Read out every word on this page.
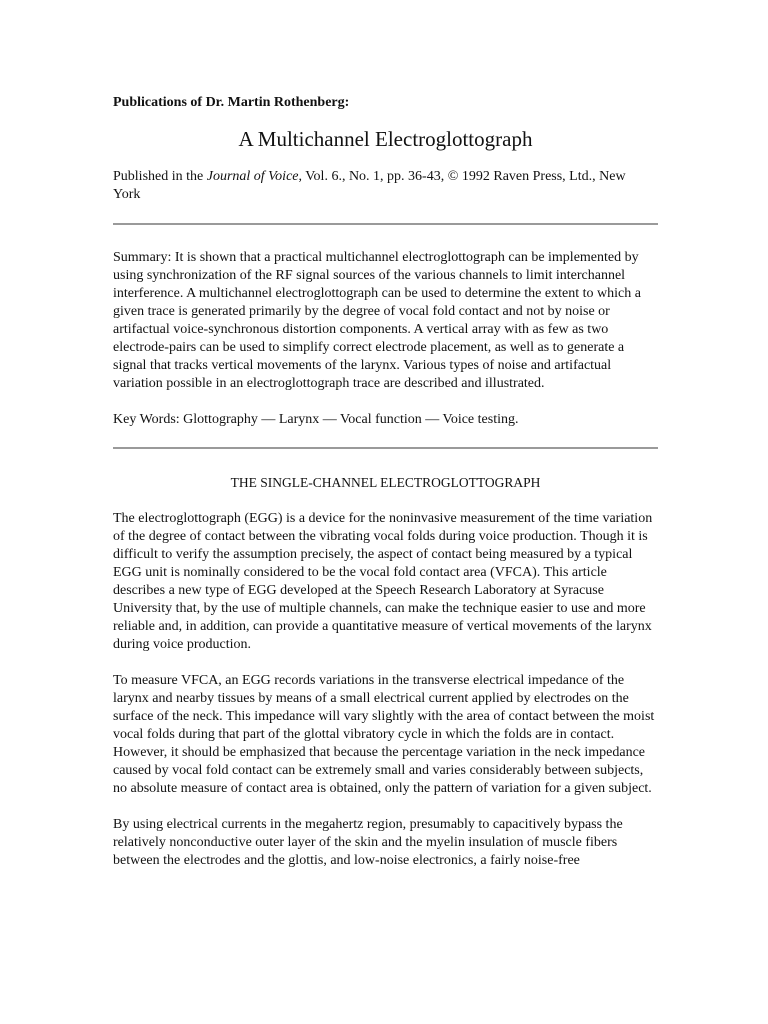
Publications of Dr. Martin Rothenberg:

A Multichannel Electroglottograph

Published in the Journal of Voice, Vol. 6., No. 1, pp. 36-43, © 1992 Raven Press, Ltd., New York

Summary: It is shown that a practical multichannel electroglottograph can be implemented by using synchronization of the RF signal sources of the various channels to limit interchannel interference. A multichannel electroglottograph can be used to determine the extent to which a given trace is generated primarily by the degree of vocal fold contact and not by noise or artifactual voice-synchronous distortion components. A vertical array with as few as two electrode-pairs can be used to simplify correct electrode placement, as well as to generate a signal that tracks vertical movements of the larynx. Various types of noise and artifactual variation possible in an electroglottograph trace are described and illustrated.

Key Words: Glottography — Larynx — Vocal function — Voice testing.

THE SINGLE-CHANNEL ELECTROGLOTTOGRAPH

The electroglottograph (EGG) is a device for the noninvasive measurement of the time variation of the degree of contact between the vibrating vocal folds during voice production. Though it is difficult to verify the assumption precisely, the aspect of contact being measured by a typical EGG unit is nominally considered to be the vocal fold contact area (VFCA). This article describes a new type of EGG developed at the Speech Research Laboratory at Syracuse University that, by the use of multiple channels, can make the technique easier to use and more reliable and, in addition, can provide a quantitative measure of vertical movements of the larynx during voice production.

To measure VFCA, an EGG records variations in the transverse electrical impedance of the larynx and nearby tissues by means of a small electrical current applied by electrodes on the surface of the neck. This impedance will vary slightly with the area of contact between the moist vocal folds during that part of the glottal vibratory cycle in which the folds are in contact. However, it should be emphasized that because the percentage variation in the neck impedance caused by vocal fold contact can be extremely small and varies considerably between subjects, no absolute measure of contact area is obtained, only the pattern of variation for a given subject.

By using electrical currents in the megahertz region, presumably to capacitively bypass the relatively nonconductive outer layer of the skin and the myelin insulation of muscle fibers between the electrodes and the glottis, and low-noise electronics, a fairly noise-free
